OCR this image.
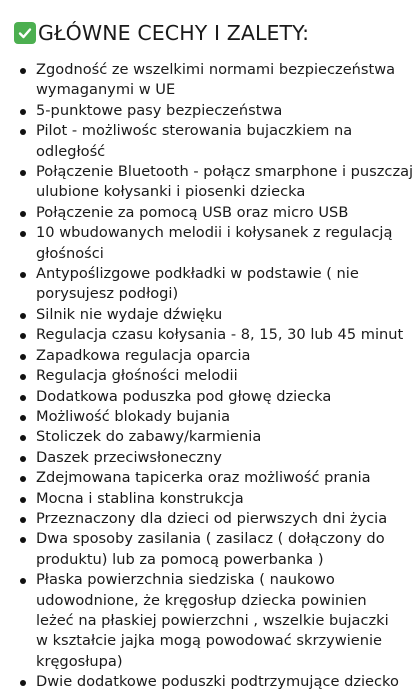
GŁÓWNE CECHY I ZALETY:
Zgodność ze wszelkimi normami bezpieczeństwa
wymaganymi w UE
5-punktowe pasy bezpieczeństwa
Pilot - możliwośc sterowania bujaczkiem na
odległość
Połączenie Bluetooth - połącz smarphone i puszczaj
ulubione kołysanki i piosenki dziecka
Połączenie za pomocą USB oraz micro USB
10 wbudowanych melodii i kołysanek z regulacją
głośności
Antypoślizgowe podkładki w podstawie ( nie
porysujesz podłogi)
Silnik nie wydaje dźwięku
Regulacja czasu kołysania - 8, 15, 30 lub 45 minut
Zapadkowa regulacja oparcia
Regulacja głośności melodii
Dodatkowa poduszka pod głowę dziecka
Możliwość blokady bujania
Stoliczek do zabawy/karmienia
Daszek przeciwsłoneczny
Zdejmowana tapicerka oraz możliwość prania
Mocna i stablina konstrukcja
Przeznaczony dla dzieci od pierwszych dni życia
Dwa sposoby zasilania ( zasilacz ( dołączony do
produktu) lub za pomocą powerbanka )
Płaska powierzchnia siedziska ( naukowo
udowodnione, że kręgosłup dziecka powinien
leżeć na płaskiej powierzchni , wszelkie bujaczki
w kształcie jajka mogą powodować skrzywienie
kręgosłupa)
Dwie dodatkowe poduszki podtrzymujące dziecko
